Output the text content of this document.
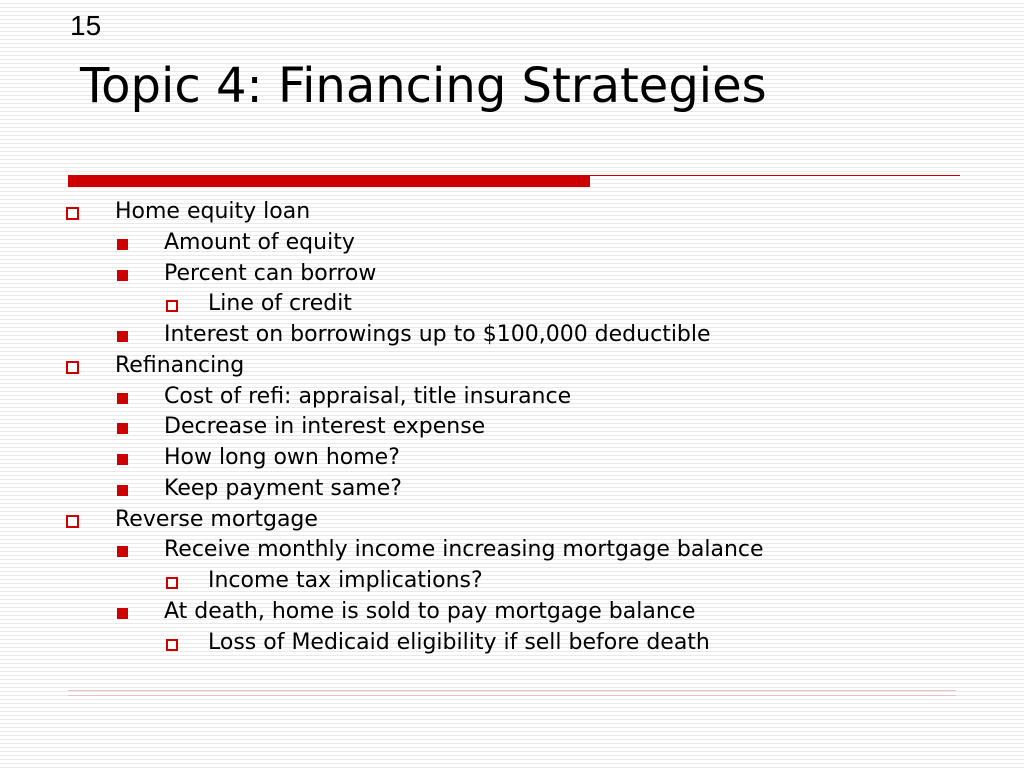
15
Topic 4: Financing Strategies
Home equity loan
Amount of equity
Percent can borrow
Line of credit
Interest on borrowings up to $100,000 deductible
Refinancing
Cost of refi: appraisal, title insurance
Decrease in interest expense
How long own home?
Keep payment same?
Reverse mortgage
Receive monthly income increasing mortgage balance
Income tax implications?
At death, home is sold to pay mortgage balance
Loss of Medicaid eligibility if sell before death
